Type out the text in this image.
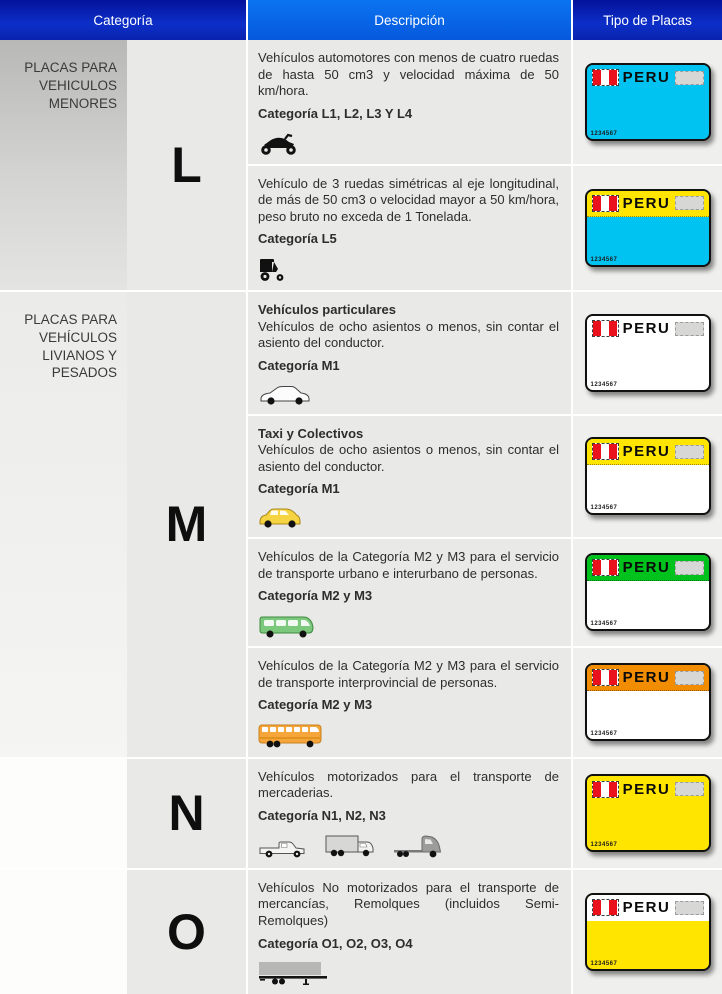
Categoría	Descripción	Tipo de Placas
PLACAS PARA VEHICULOS MENORES
L
Vehículos automotores con menos de cuatro ruedas de hasta 50 cm3 y velocidad máxima de 50 km/hora.
Categoría L1, L2, L3 Y L4
PERU
1234567
Vehículo de 3 ruedas simétricas al eje longitudinal, de más de 50 cm3 o velocidad mayor a 50 km/hora, peso bruto no exceda de 1 Tonelada.
Categoría L5
PERU
1234567
PLACAS PARA VEHÍCULOS LIVIANOS Y PESADOS
M
Vehículos particulares
Vehículos de ocho asientos o menos, sin contar el asiento del conductor.
Categoría M1
PERU
1234567
Taxi y Colectivos
Vehículos de ocho asientos o menos, sin contar el asiento del conductor.
Categoría M1
PERU
1234567
Vehículos de la Categoría M2 y M3 para el servicio de transporte urbano e interurbano de personas.
Categoría M2 y M3
PERU
1234567
Vehículos de la Categoría M2 y M3 para el servicio de transporte interprovincial de personas.
Categoría M2 y M3
PERU
1234567
N
Vehículos motorizados para el transporte de mercaderias.
Categoría N1, N2, N3
PERU
1234567
O
Vehículos No motorizados para el transporte de mercancías, Remolques (incluidos Semi-Remolques)
Categoría O1, O2, O3, O4
PERU
1234567
